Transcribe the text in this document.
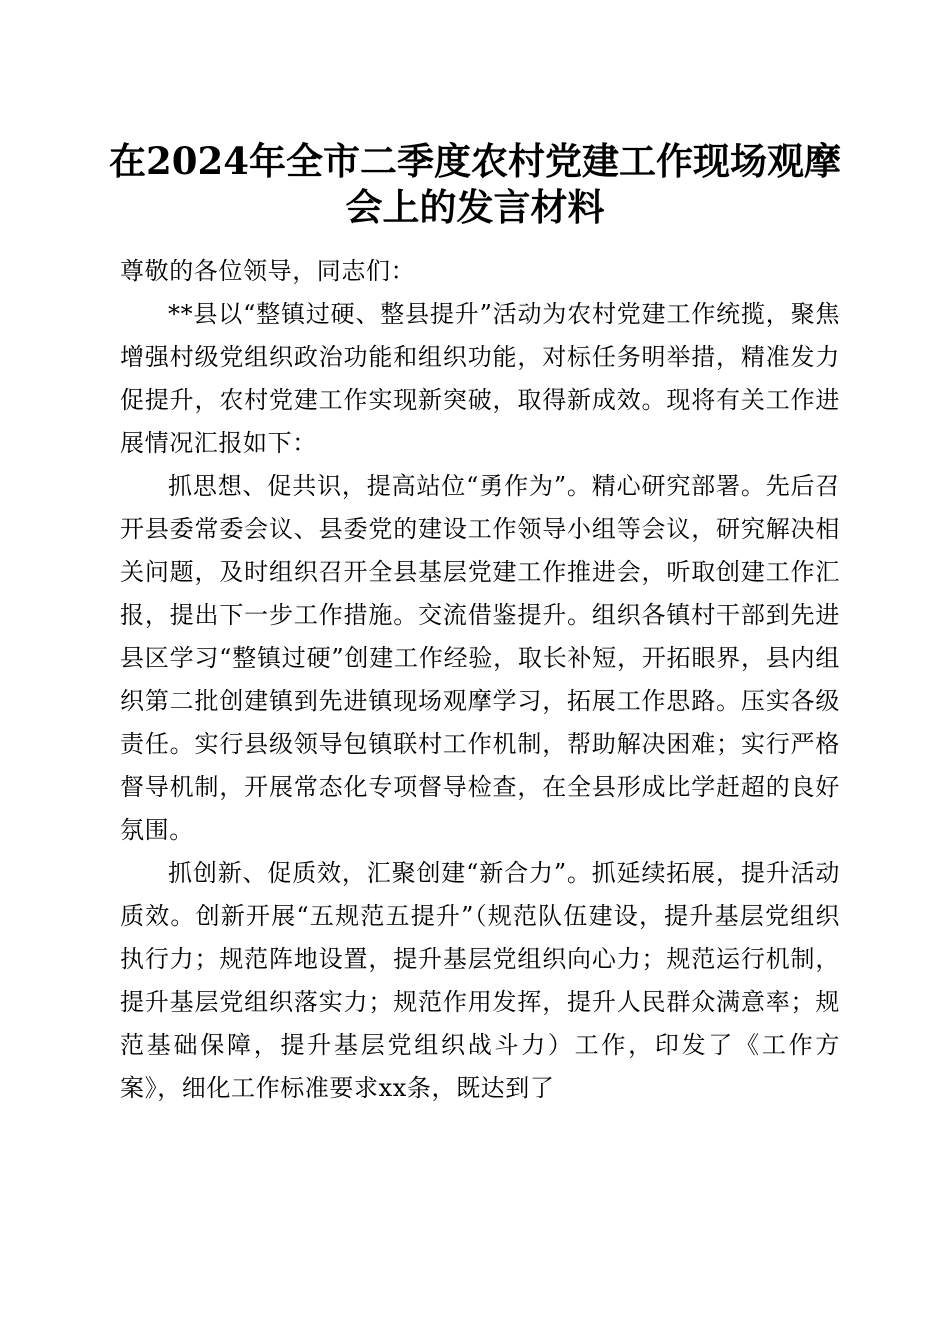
在2024年全市二季度农村党建工作现场观摩
会上的发言材料

尊敬的各位领导，同志们：

**县以“整镇过硬、整县提升”活动为农村党建工作统揽，聚焦增强村级党组织政治功能和组织功能，对标任务明举措，精准发力促提升，农村党建工作实现新突破，取得新成效。现将有关工作进展情况汇报如下：

抓思想、促共识，提高站位“勇作为”。精心研究部署。先后召开县委常委会议、县委党的建设工作领导小组等会议，研究解决相关问题，及时组织召开全县基层党建工作推进会，听取创建工作汇报，提出下一步工作措施。交流借鉴提升。组织各镇村干部到先进县区学习“整镇过硬”创建工作经验，取长补短，开拓眼界，县内组织第二批创建镇到先进镇现场观摩学习，拓展工作思路。压实各级责任。实行县级领导包镇联村工作机制，帮助解决困难；实行严格督导机制，开展常态化专项督导检查，在全县形成比学赶超的良好氛围。

抓创新、促质效，汇聚创建“新合力”。抓延续拓展，提升活动质效。创新开展“五规范五提升”（规范队伍建设，提升基层党组织执行力；规范阵地设置，提升基层党组织向心力；规范运行机制，提升基层党组织落实力；规范作用发挥，提升人民群众满意率；规范基础保障，提升基层党组织战斗力）工作，印发了《工作方案》，细化工作标准要求xx条，既达到了
